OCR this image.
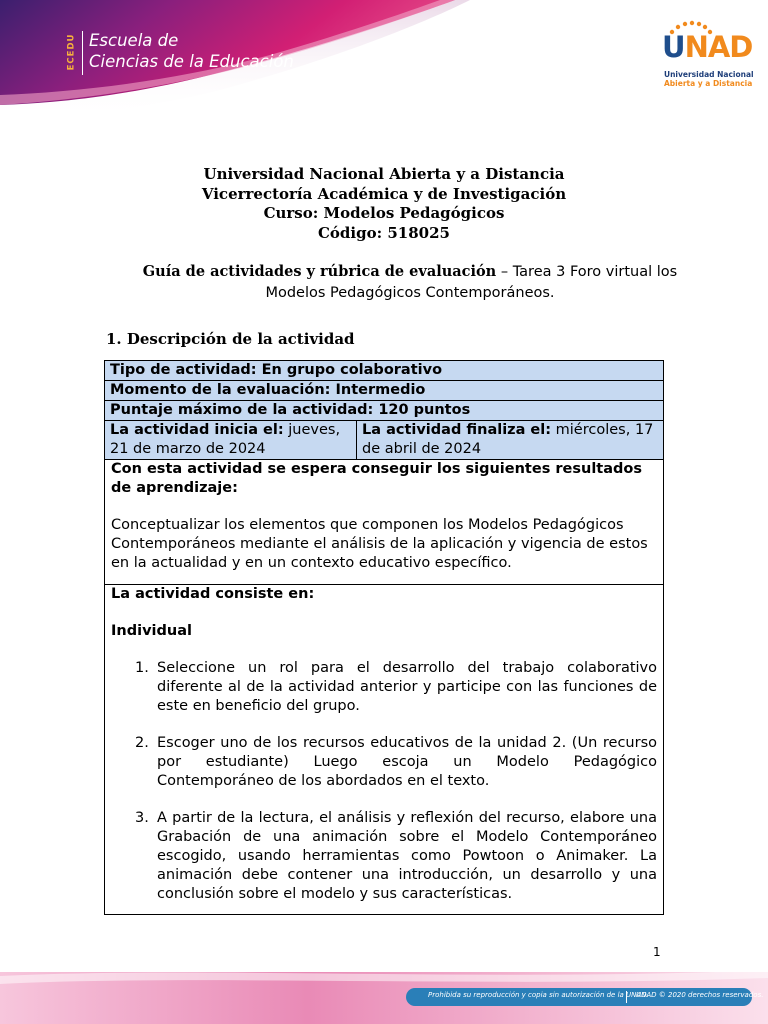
ECEDU Escuela de
Ciencias de la Educación	UNAD
Universidad Nacional
Abierta y a Distancia
Universidad Nacional Abierta y a Distancia
Vicerrectoría Académica y de Investigación
Curso: Modelos Pedagógicos
Código: 518025
Guía de actividades y rúbrica de evaluación – Tarea 3 Foro virtual los Modelos Pedagógicos Contemporáneos.
1. Descripción de la actividad
Tipo de actividad: En grupo colaborativo
Momento de la evaluación: Intermedio
Puntaje máximo de la actividad: 120 puntos
La actividad inicia el: jueves, 21 de marzo de 2024	La actividad finaliza el: miércoles, 17 de abril de 2024

Con esta actividad se espera conseguir los siguientes resultados de aprendizaje:
Conceptualizar los elementos que componen los Modelos Pedagógicos Contemporáneos mediante el análisis de la aplicación y vigencia de estos en la actualidad y en un contexto educativo específico.

La actividad consiste en:
Individual
1. Seleccione un rol para el desarrollo del trabajo colaborativo diferente al de la actividad anterior y participe con las funciones de este en beneficio del grupo.
2. Escoger uno de los recursos educativos de la unidad 2. (Un recurso por estudiante) Luego escoja un Modelo Pedagógico Contemporáneo de los abordados en el texto.
3. A partir de la lectura, el análisis y reflexión del recurso, elabore una Grabación de una animación sobre el Modelo Contemporáneo escogido, usando herramientas como Powtoon o Animaker. La animación debe contener una introducción, un desarrollo y una conclusión sobre el modelo y sus características.
1
Prohibida su reproducción y copia sin autorización de la UNAD.
UNAD © 2020 derechos reservados.
